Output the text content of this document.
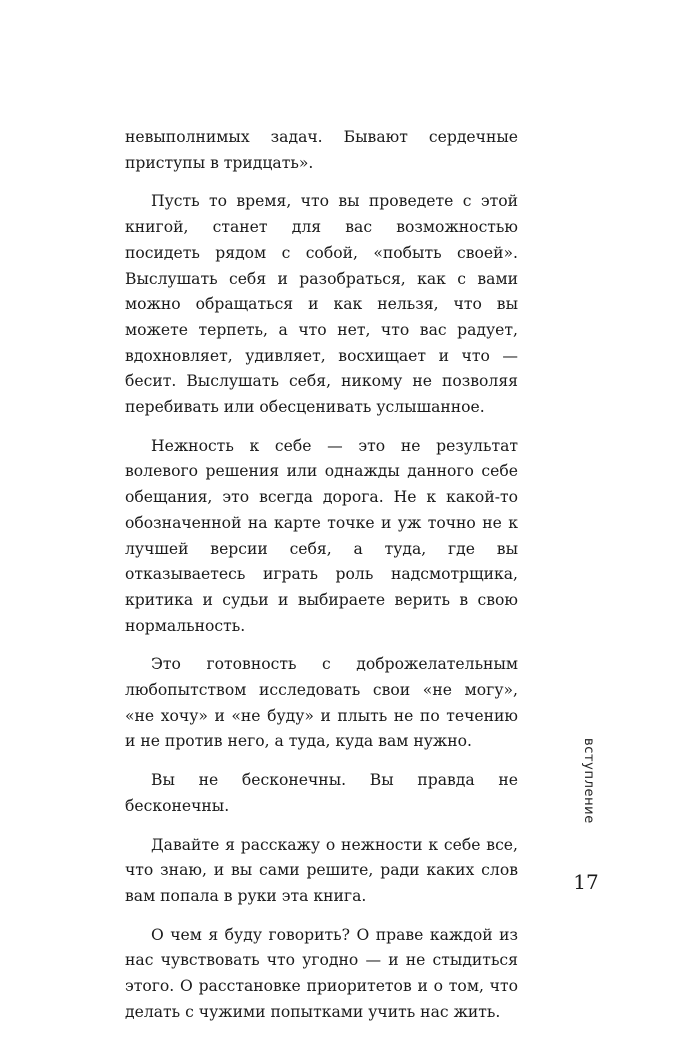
невыполнимых задач. Бывают сердечные приступы в тридцать».

Пусть то время, что вы проведете с этой книгой, станет для вас возможностью посидеть рядом с собой, «побыть своей». Выслушать себя и разобраться, как с вами можно обращаться и как нельзя, что вы можете терпеть, а что нет, что вас радует, вдохновляет, удивляет, восхищает и что — бесит. Выслушать себя, никому не позволяя перебивать или обесценивать услышанное.

Нежность к себе — это не результат волевого решения или однажды данного себе обещания, это всегда дорога. Не к какой-то обозначенной на карте точке и уж точно не к лучшей версии себя, а туда, где вы отказываетесь играть роль надсмотрщика, критика и судьи и выбираете верить в свою нормальность.

Это готовность с доброжелательным любопытством исследовать свои «не могу», «не хочу» и «не буду» и плыть не по течению и не против него, а туда, куда вам нужно.

Вы не бесконечны. Вы правда не бесконечны.

Давайте я расскажу о нежности к себе все, что знаю, и вы сами решите, ради каких слов вам попала в руки эта книга.

О чем я буду говорить? О праве каждой из нас чувствовать что угодно — и не стыдиться этого. О расстановке приоритетов и о том, что делать с чужими попытками учить нас жить.

вступление
17
